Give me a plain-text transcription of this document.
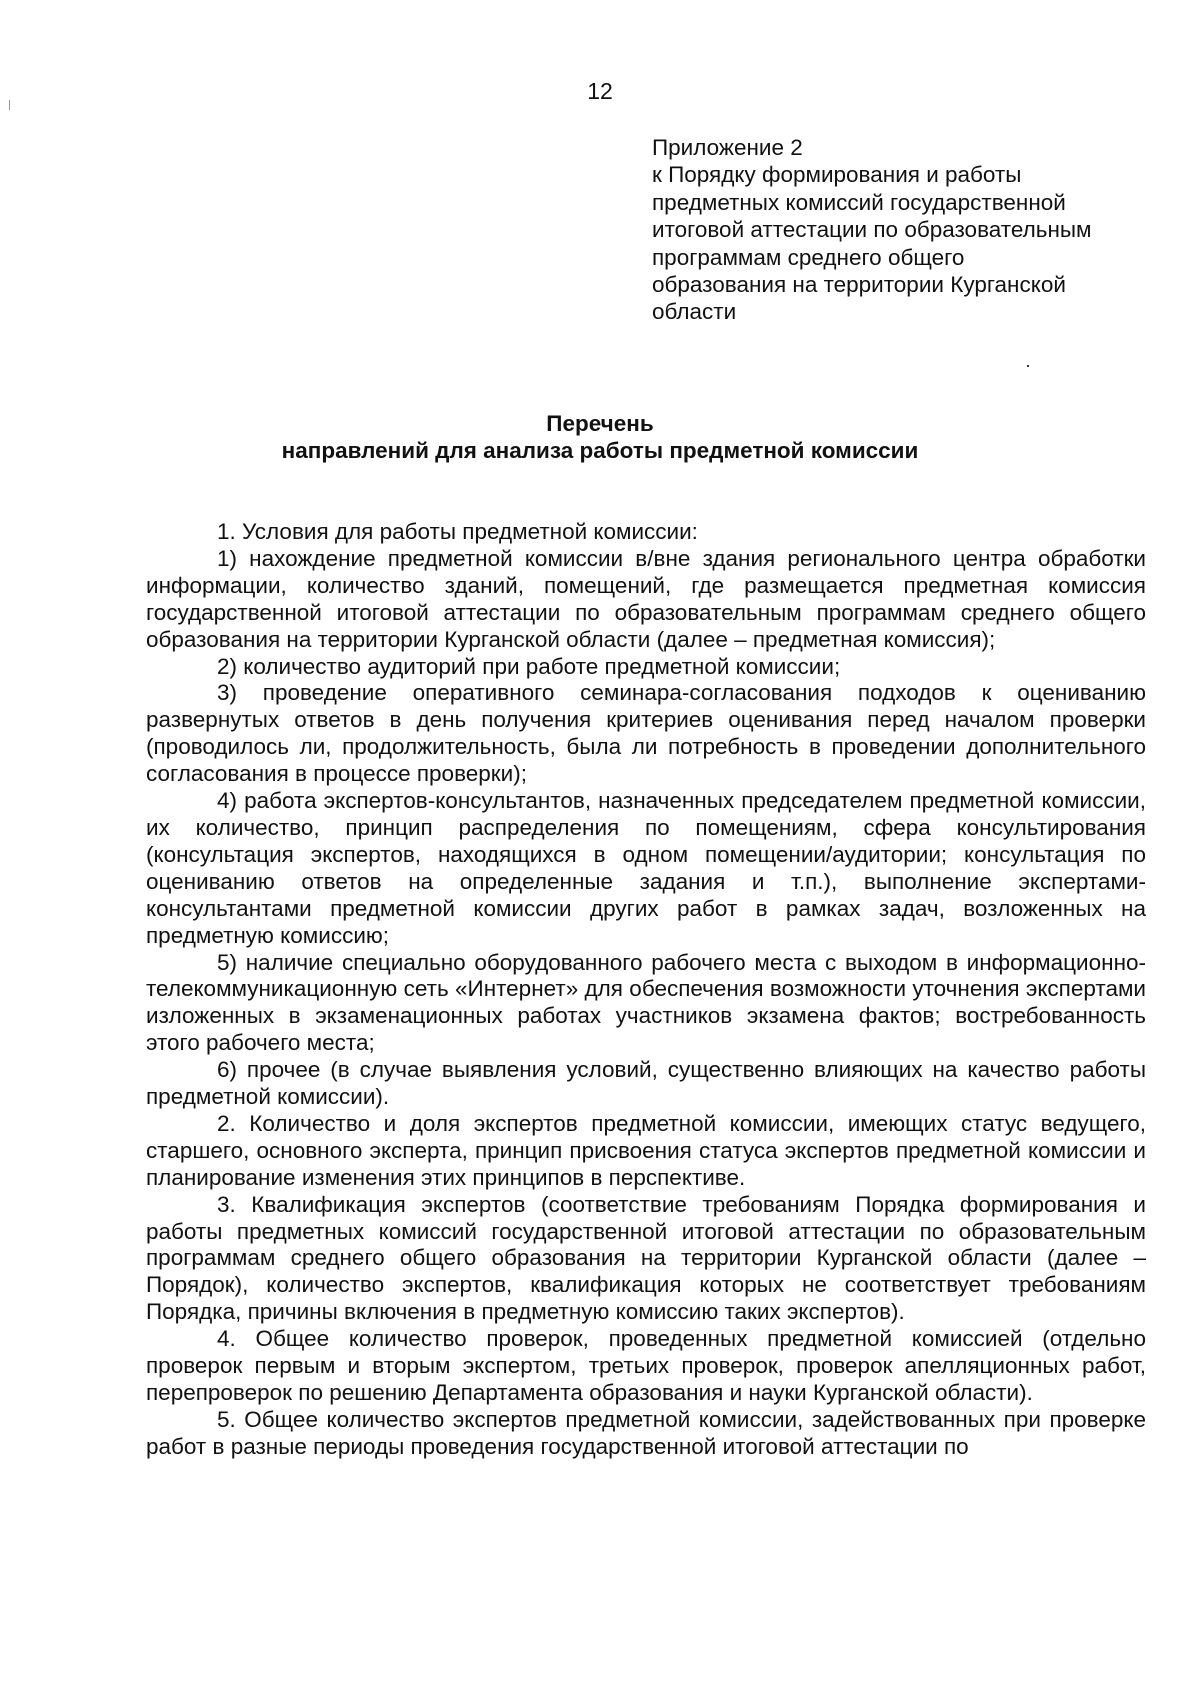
12
Приложение 2
к Порядку формирования и работы
предметных комиссий государственной
итоговой аттестации по образовательным
программам среднего общего
образования на территории Курганской
области
Перечень
направлений для анализа работы предметной комиссии

1. Условия для работы предметной комиссии:

1) нахождение предметной комиссии в/вне здания регионального центра обработки информации, количество зданий, помещений, где размещается предметная комиссия государственной итоговой аттестации по образовательным программам среднего общего образования на территории Курганской области (далее – предметная комиссия);

2) количество аудиторий при работе предметной комиссии;

3) проведение оперативного семинара-согласования подходов к оцениванию развернутых ответов в день получения критериев оценивания перед началом проверки (проводилось ли, продолжительность, была ли потребность в проведении дополнительного согласования в процессе проверки);

4) работа экспертов-консультантов, назначенных председателем предметной комиссии, их количество, принцип распределения по помещениям, сфера консультирования (консультация экспертов, находящихся в одном помещении/аудитории; консультация по оцениванию ответов на определенные задания и т.п.), выполнение экспертами-консультантами предметной комиссии других работ в рамках задач, возложенных на предметную комиссию;

5) наличие специально оборудованного рабочего места с выходом в информационно-телекоммуникационную сеть «Интернет» для обеспечения возможности уточнения экспертами изложенных в экзаменационных работах участников экзамена фактов; востребованность этого рабочего места;

6) прочее (в случае выявления условий, существенно влияющих на качество работы предметной комиссии).

2. Количество и доля экспертов предметной комиссии, имеющих статус ведущего, старшего, основного эксперта, принцип присвоения статуса экспертов предметной комиссии и планирование изменения этих принципов в перспективе.

3. Квалификация экспертов (соответствие требованиям Порядка формирования и работы предметных комиссий государственной итоговой аттестации по образовательным программам среднего общего образования на территории Курганской области (далее – Порядок), количество экспертов, квалификация которых не соответствует требованиям Порядка, причины включения в предметную комиссию таких экспертов).

4. Общее количество проверок, проведенных предметной комиссией (отдельно проверок первым и вторым экспертом, третьих проверок, проверок апелляционных работ, перепроверок по решению Департамента образования и науки Курганской области).

5. Общее количество экспертов предметной комиссии, задействованных при проверке работ в разные периоды проведения государственной итоговой аттестации по
